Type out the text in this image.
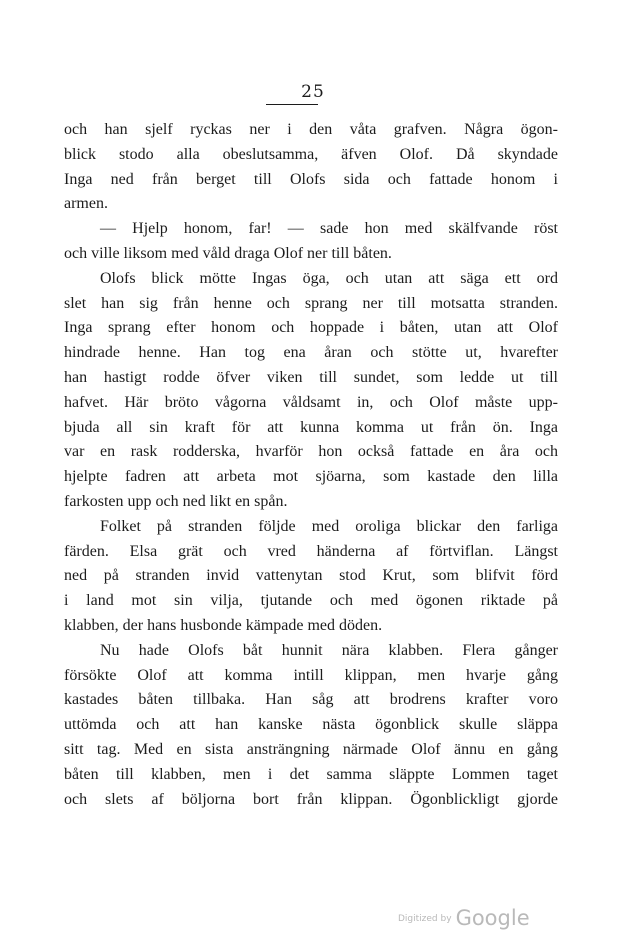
25
och han sjelf ryckas ner i den våta grafven. Några ögon-
blick stodo alla obeslutsamma, äfven Olof. Då skyndade
Inga ned från berget till Olofs sida och fattade honom i
armen.
— Hjelp honom, far! — sade hon med skälfvande röst
och ville liksom med våld draga Olof ner till båten.
Olofs blick mötte Ingas öga, och utan att säga ett ord
slet han sig från henne och sprang ner till motsatta stranden.
Inga sprang efter honom och hoppade i båten, utan att Olof
hindrade henne. Han tog ena åran och stötte ut, hvarefter
han hastigt rodde öfver viken till sundet, som ledde ut till
hafvet. Här bröto vågorna våldsamt in, och Olof måste upp-
bjuda all sin kraft för att kunna komma ut från ön. Inga
var en rask rodderska, hvarför hon också fattade en åra och
hjelpte fadren att arbeta mot sjöarna, som kastade den lilla
farkosten upp och ned likt en spån.
Folket på stranden följde med oroliga blickar den farliga
färden. Elsa grät och vred händerna af förtviflan. Längst
ned på stranden invid vattenytan stod Krut, som blifvit förd
i land mot sin vilja, tjutande och med ögonen riktade på
klabben, der hans husbonde kämpade med döden.
Nu hade Olofs båt hunnit nära klabben. Flera gånger
försökte Olof att komma intill klippan, men hvarje gång
kastades båten tillbaka. Han såg att brodrens krafter voro
uttömda och att han kanske nästa ögonblick skulle släppa
sitt tag. Med en sista ansträngning närmade Olof ännu en gång
båten till klabben, men i det samma släppte Lommen taget
och slets af böljorna bort från klippan. Ögonblickligt gjorde
$^{Digitized by}$ Google
